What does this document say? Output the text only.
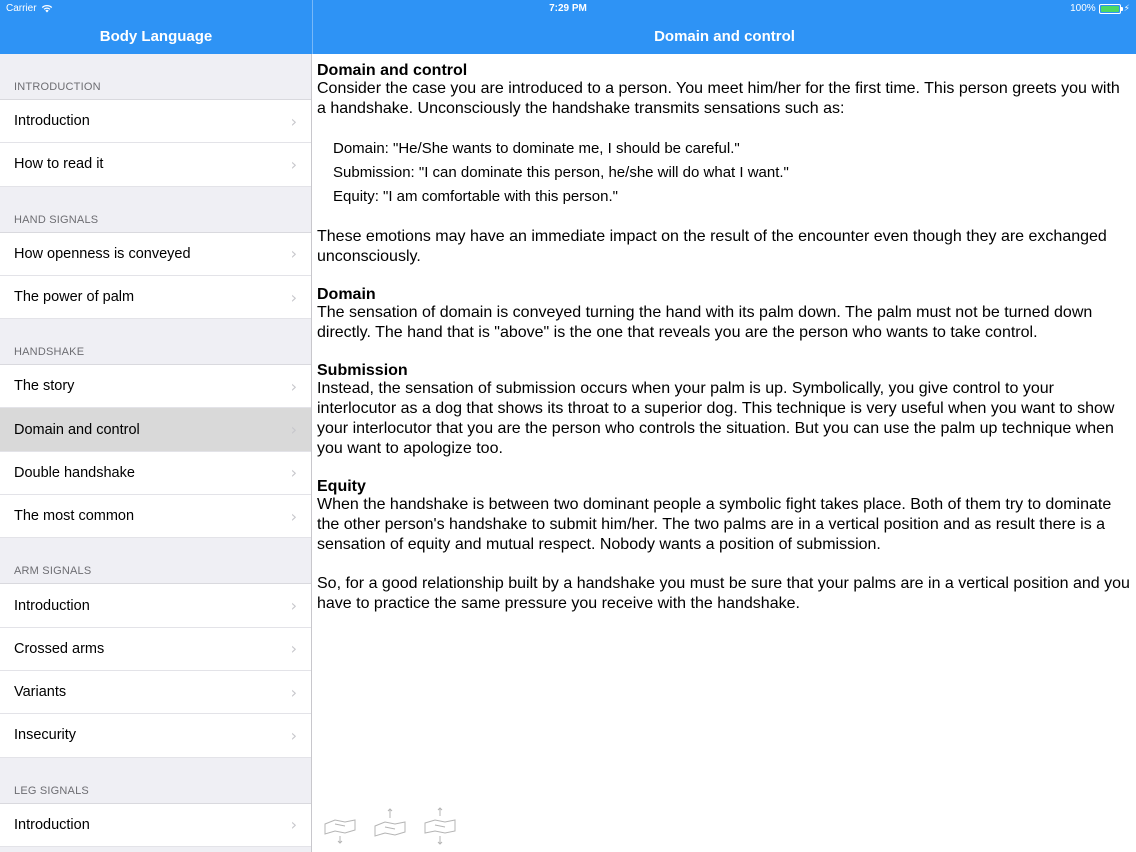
Carrier	7:29 PM	100%	⚡
Body Language	Domain and control
INTRODUCTION
Introduction	›
How to read it	›
HAND SIGNALS
How openness is conveyed	›
The power of palm	›
HANDSHAKE
The story	›
Domain and control	›
Double handshake	›
The most common	›
ARM SIGNALS
Introduction	›
Crossed arms	›
Variants	›
Insecurity	›
LEG SIGNALS
Introduction	›
Domain and control

Consider the case you are introduced to a person. You meet him/her for the first time. This person greets you with a handshake. Unconsciously the handshake transmits sensations such as:

Domain: "He/She wants to dominate me, I should be careful."

Submission: "I can dominate this person, he/she will do what I want."

Equity: "I am comfortable with this person."

These emotions may have an immediate impact on the result of the encounter even though they are exchanged unconsciously.

Domain

The sensation of domain is conveyed turning the hand with its palm down. The palm must not be turned down directly. The hand that is "above" is the one that reveals you are the person who wants to take control.

Submission

Instead, the sensation of submission occurs when your palm is up. Symbolically, you give control to your interlocutor as a dog that shows its throat to a superior dog. This technique is very useful when you want to show your interlocutor that you are the person who controls the situation. But you can use the palm up technique when you want to apologize too.

Equity

When the handshake is between two dominant people a symbolic fight takes place. Both of them try to dominate the other person's handshake to submit him/her. The two palms are in a vertical position and as result there is a sensation of equity and mutual respect. Nobody wants a position of submission.

So, for a good relationship built by a handshake you must be sure that your palms are in a vertical position and you have to practice the same pressure you receive with the handshake.
